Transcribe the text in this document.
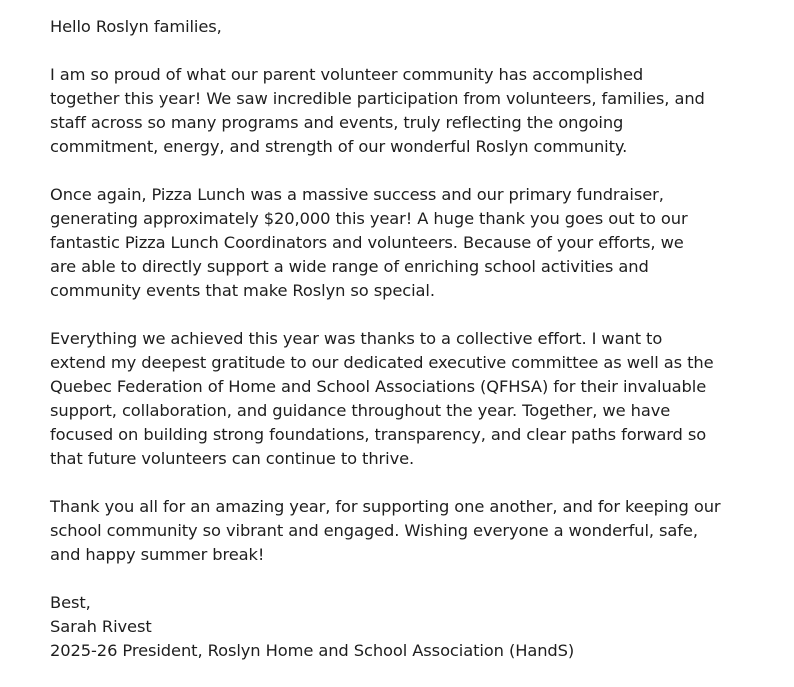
Hello Roslyn families,

I am so proud of what our parent volunteer community has accomplished
together this year! We saw incredible participation from volunteers, families, and
staff across so many programs and events, truly reflecting the ongoing
commitment, energy, and strength of our wonderful Roslyn community.

Once again, Pizza Lunch was a massive success and our primary fundraiser,
generating approximately $20,000 this year! A huge thank you goes out to our
fantastic Pizza Lunch Coordinators and volunteers. Because of your efforts, we
are able to directly support a wide range of enriching school activities and
community events that make Roslyn so special.

Everything we achieved this year was thanks to a collective effort. I want to
extend my deepest gratitude to our dedicated executive committee as well as the
Quebec Federation of Home and School Associations (QFHSA) for their invaluable
support, collaboration, and guidance throughout the year. Together, we have
focused on building strong foundations, transparency, and clear paths forward so
that future volunteers can continue to thrive.

Thank you all for an amazing year, for supporting one another, and for keeping our
school community so vibrant and engaged. Wishing everyone a wonderful, safe,
and happy summer break!

Best,
Sarah Rivest
2025-26 President, Roslyn Home and School Association (HandS)
